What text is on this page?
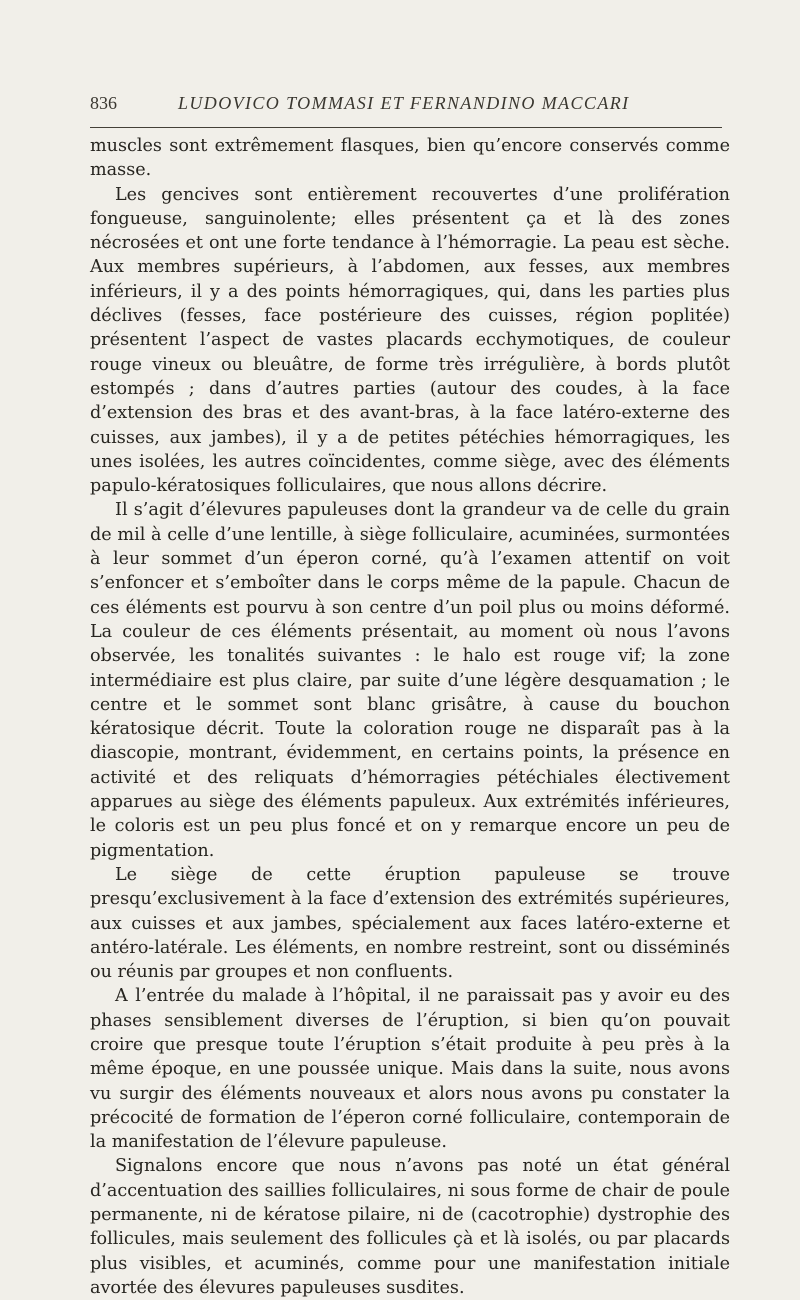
836	LUDOVICO TOMMASI ET FERNANDINO MACCARI

muscles sont extrêmement flasques, bien qu’encore conservés comme masse.

Les gencives sont entièrement recouvertes d’une prolifération fongueuse, sanguinolente; elles présentent ça et là des zones nécrosées et ont une forte tendance à l’hémorragie. La peau est sèche. Aux membres supérieurs, à l’abdomen, aux fesses, aux membres inférieurs, il y a des points hémorragiques, qui, dans les parties plus déclives (fesses, face postérieure des cuisses, région poplitée) présentent l’aspect de vastes placards ecchymotiques, de couleur rouge vineux ou bleuâtre, de forme très irrégulière, à bords plutôt estompés ; dans d’autres parties (autour des coudes, à la face d’extension des bras et des avant-bras, à la face latéro-externe des cuisses, aux jambes), il y a de petites pétéchies hémorragiques, les unes isolées, les autres coïncidentes, comme siège, avec des éléments papulo-kératosiques folliculaires, que nous allons décrire.

Il s’agit d’élevures papuleuses dont la grandeur va de celle du grain de mil à celle d’une lentille, à siège folliculaire, acuminées, surmontées à leur sommet d’un éperon corné, qu’à l’examen attentif on voit s’enfoncer et s’emboîter dans le corps même de la papule. Chacun de ces éléments est pourvu à son centre d’un poil plus ou moins déformé. La couleur de ces éléments présentait, au moment où nous l’avons observée, les tonalités suivantes : le halo est rouge vif; la zone intermédiaire est plus claire, par suite d’une légère desquamation ; le centre et le sommet sont blanc grisâtre, à cause du bouchon kératosique décrit. Toute la coloration rouge ne disparaît pas à la diascopie, montrant, évidemment, en certains points, la présence en activité et des reliquats d’hémorragies pétéchiales électivement apparues au siège des éléments papuleux. Aux extrémités inférieures, le coloris est un peu plus foncé et on y remarque encore un peu de pigmentation.

Le siège de cette éruption papuleuse se trouve presqu’exclusivement à la face d’extension des extrémités supérieures, aux cuisses et aux jambes, spécialement aux faces latéro-externe et antéro-latérale. Les éléments, en nombre restreint, sont ou disséminés ou réunis par groupes et non confluents.

A l’entrée du malade à l’hôpital, il ne paraissait pas y avoir eu des phases sensiblement diverses de l’éruption, si bien qu’on pouvait croire que presque toute l’éruption s’était produite à peu près à la même époque, en une poussée unique. Mais dans la suite, nous avons vu surgir des éléments nouveaux et alors nous avons pu constater la précocité de formation de l’éperon corné folliculaire, contemporain de la manifestation de l’élevure papuleuse.

Signalons encore que nous n’avons pas noté un état général d’accentuation des saillies folliculaires, ni sous forme de chair de poule permanente, ni de kératose pilaire, ni de (cacotrophie) dystrophie des follicules, mais seulement des follicules çà et là isolés, ou par placards plus visibles, et acuminés, comme pour une manifestation initiale avortée des élevures papuleuses susdites.
